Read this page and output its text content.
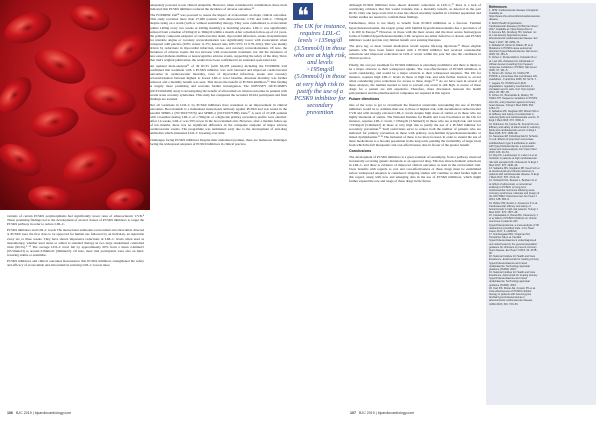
variants of certain PCSK9 polymorphisms had significantly lower rates of atherosclerotic CVD.⁸ These promising findings led to the development of several classes of PCSK9 inhibitors to target the PCSK9 pathway in order to reduce LDL-C.

PCSK9 inhibitors and LDL-C levels The monoclonal antibodies evolocumab and alirocumab directed at PCSK9 were the first class to be approved for human use followed by an inclisiran, an injectable every six or three weeks. They have shown impressive reductions in LDL-C levels when used as monotherapy, whether used alone or added to standard therapy in two large randomised controlled trials (RCTs).⁹⁻¹¹ The average LDL-C level fell by approximately 60% from a mean 2.4mmol/l (93.5mmol/l) to around 0.8mmol/l (30mmol/l). Of note, most trial participants were also on lipid-lowering statins or ezetimibe.

PCSK9 inhibitors and clinical outcomes Reassurance that PCSK9 inhibitors strengthened the safety and efficacy of evolocumab and alirocumab in reducing LDL-C lowers more

adequately powered to test clinical endpoints. However, when considered in combination, these trials indicated that PCSK9 inhibitors reduced the incidence of adverse outcomes.¹³

The FOURIER trial¹⁴ was powered to assess the impact of evolocumab on major clinical outcomes. This study recruited more than 27,000 patients with atherosclerotic CVD and LDL-C >70mg/dl despite being on a statin (with or without ezetimibe) therapy. They were randomised to evolocumab (either 140mg every two weeks or 420mg monthly) or matching placebo. LDL-C was significantly reduced from a median of 92mg/dl to 30mg/dl within a month. After a median follow-up of 2.2 years, the primary composite endpoint of cardiovascular death, myocardial infarction, stroke, hospitalisation for unstable angina or coronary revascularisation was significantly lower with evolocumab when compared with placebo (9.8% versus 11.3%; hazard ratio 0.85; 95% CI 0.79–0.92). This was mainly driven by reductions in myocardial infarction, stroke, and coronary revascularisation. Of note, the incidence of adverse events did not increase with evolocumab treatment, nor did the incidence of new-onset diabetes mellitus or neurocognitive adverse events, supporting the safety of the drug. Since that trial's original publication, the results have been confirmed in an extended open-label trial.

An updated meta-analysis¹⁵ of 39 RCTs (with 66,478 patients) including the FOURIER trial confirmed that treatment with a PCSK9 inhibitor was well tolerated and improved cardiovascular outcomes in cardiovascular mortality, rates of myocardial infarction, stroke and coronary revascularisation between highest to lowest LDL-C level baseline. Absolute mortality was further reduced, and a monthly benefit was seen. This shows the benefit of PCSK9 inhibitors.¹⁶ This finding is largely more promising and warrants further investigation. The ODYSSEY OUTCOMES (NCT01663402) study is investigating the benefit of alirocumab on clinical outcomes in patients with recent acute coronary syndromes. This study has completed the recruited 18,924 participants and final findings are awaited.

Not all variations in LDL-C by PCSK9 inhibitors have translated to an improvement in clinical outcomes. Bococizumab is a humanised monoclonal antibody against PCSK9 and was tested in the parallel SPIRE-1 (NCT01975376) and SPIRE-2 (NCT01975389) trials.¹⁷ A total of 27,438 patients with a baseline fasting LDL-C of ≥70mg/dl, or a high-risk primary prevention profile were enrolled. After 14 weeks, LDL-C was 59% lower in the bococizumab arm. However, after a median follow-up of ten months, there was no significant difference in the composite endpoint of major adverse cardiovascular events. The programme was terminated early due to the development of anti-drug antibodies which attenuated LDL-C lowering over time.

Challenges facing PCSK9 inhibitors Despite their undoubted promise, there are numerous challenges facing the widespread adoption of PCSK9 inhibitors in clinical practice.

❝
The UK for instance, requires LDL-C levels >135mg/dl (3.5mmol/l) in those who are at high risk, and levels >195mg/dl (5.0mmol/l) in those at very high risk to justify the use of a PCSK9 inhibitor for secondary prevention

Although PCSK9 inhibitors have shown dramatic reductions in LDL-C,¹⁷ there is a lack of convincing evidence that this would translate into a mortality benefit, as detected in the past RCTs. Only one large-scale trial to date has shown mortality benefits in a limited population and further studies are needed to confirm these findings.

Furthermore, there is not likely to benefit from PCSK9 inhibition as a forecast. Familial hypercholesterolaemia, the largest group with familial hypercholesterolaemia has a prevalence of 1 in 200 in Europe.¹⁸ However, in those with the most severe and the most severe homozygous forms of familial hypercholesterolaemia, LDL receptors are either defective or absent, and PCSK9 inhibitors would provide very limited benefit over existing therapies.

The price tag, or most current medication would require life-long injections.¹⁹ Those eligible patients who have been found treated with a PCSK9 inhibitor had received considerable reductions and improved reductions in LDL-C levels within the year but also the conditions in clinical practice.

Finally, the cost per treatment for PCSK9 inhibitors is extremely prohibitive and there is likely to be a major obstacle to their widespread uptake. The cost-effectiveness of PCSK9 inhibitors is worth considering, and would be a major obstacle to their widespread adoption. The UK for instance, requires high LDL-C levels in those at high risk, and adds further barriers to access when considering price reductions for access to these drugs.²⁰ ²¹ As we have seen in several of these analyses, the number needed to treat to prevent one event is still high. A course of these drugs for a patient are still expensive. Therefore, more discussion between the health policymakers and the pharmaceutical companies are required in this regard.

Future directions

One of the ways to get to circumvent the financial constraints surrounding the use of PCSK9 inhibitors would be to combine their use to those at highest risk, with documented cardiovascular CVD and with strongly elevated LDL-C levels despite high doses of statins or in those who are highly intolerant of statins. The National Institute for Health and Care Excellence in the UK for instance, requires LDL-C levels >135mg/dl (3.5mmol/l) in those who are at high risk, and levels >195mg/dl (5.0mmol/l) in those at very high risk to justify the use of a PCSK9 inhibitor for secondary prevention.²¹ Such restrictions serve to reduce both the number of patients who are indicated for primary prevention in those with primary, non-familial hypercholesterolaemia or mixed dyslipidaemia.²¹ ²² The inclusion of these to be more focused, in order to extend the use of these medications to a broader population in the long term, pending the availability of larger trials from which the full therapeutic and cost-effectiveness data in favour of the greater benefit.

Conclusions

The development of PCSK9 inhibitors is a great example of serendipity, from a pathway observed in naturally occurring genetic mutations to an approved drug. This has shown dramatic reductions in LDL-C and there is evidence of improved clinical outcomes as seen in the evolocumab trial. Clear benefits with regards to cost and cost-effectiveness of these drugs must be established before widespread adoption is considered. Ongoing studies will continue to shed further light in this regard, along with new and emerging data in the use of PCSK9 inhibitors, which might further expand the role and usage of these drugs in the future.

References
1. NHS: Cardiovascular disease in England. Available at: https://www.nhs.uk/conditions/cardiovascular-disease
2. World Health Organization. Cardiovascular diseases (CVDs) fact sheet. 2017. Available at: https://www.who.int
3. Ference BA, Ginsberg HN, Graham I et al. Low-density lipoproteins cause atherosclerotic cardiovascular disease. Eur Heart J 2017; 38: 2459–72.
4. Abifadel M, Varret M, Rabès JP et al. Mutations in PCSK9 cause autosomal dominant hypercholesterolemia. Nat Genet 2003; 34: 154–6.
5. Cohen J, Pertsemlidis A, Kotowski IK et al. Low LDL cholesterol in individuals of African descent resulting from frequent nonsense mutations in PCSK9. Nat Genet 2005; 37: 161–5.
6. Horton JD, Cohen JC, Hobbs HH. PCSK9: a convertase that coordinates LDL catabolism. J Lipid Res 2009; 50: S172–7.
7. Lagace TA. PCSK9 and LDLR degradation: regulatory mechanisms in circulation and in cells. Curr Opin Lipidol 2014; 25: 387–93.
8. Cohen JC, Boerwinkle E, Mosley TH, Hobbs HH. Sequence variations in PCSK9, low LDL, and protection against coronary heart disease. N Engl J Med 2006; 354: 1264–72.
9. Sabatine MS, Giugliano RP, Wiviott SD et al. Efficacy and safety of evolocumab in reducing lipids and cardiovascular events. N Engl J Med 2015; 372: 1500–9.
10. Robinson JG, Farnier M, Krempf M et al. Efficacy and safety of alirocumab in reducing lipids and cardiovascular events. N Engl J Med 2015; 372: 1489–99.
11. Navarese EP, Kolodziejczak M, Schulze V et al. Effects of proprotein convertase subtilisin/kexin type 9 antibodies in adults with hypercholesterolemia: a systematic review and meta-analysis. Ann Intern Med 2015; 163: 40–51.
12. Ray KK, Landmesser U, Leiter LA et al. Inclisiran in patients at high cardiovascular risk with elevated LDL cholesterol. N Engl J Med 2017; 376: 1430–40.
13. Sabatine MS, Giugliano RP, Keech AC et al. Evolocumab and clinical outcomes in patients with cardiovascular disease. N Engl J Med 2017; 376: 1713–22.
14. Schwartz GG, Bessac L, Berdan LG et al. Effect of alirocumab, a monoclonal antibody to PCSK9, on long-term cardiovascular outcomes following acute coronary syndromes: rationale and design of the ODYSSEY Outcomes trial. Am Heart J 2014; 168: 682–9.
15. Ridker PM, Revkin J, Amarenco P et al. Cardiovascular efficacy and safety of bococizumab in high-risk patients. N Engl J Med 2017; 376: 1527–39.
16. Karatasakis A, Danek BA, Karacsonyi J et al. Effect of PCSK9 inhibitors on clinical outcomes in patients with hypercholesterolemia: a meta-analysis of 35 randomized controlled trials. J Am Heart Assoc 2017; 6: e006910.
17. Nordestgaard BG, Chapman MJ, Humphries SE et al. Familial hypercholesterolaemia is underdiagnosed and undertreated in the general population: guidance for clinicians to prevent coronary heart disease. Eur Heart J 2013; 34: 3478–90.
18. National Institute for Health and Care Excellence. Evolocumab for treating primary hypercholesterolaemia and mixed dyslipidaemia. Technology appraisal guidance [TA394]. 2016.
19. National Institute for Health and Care Excellence. Alirocumab for treating primary hypercholesterolaemia and mixed dyslipidaemia. Technology appraisal guidance [TA393]. 2016.
20. Kazi DS, Moran AE, Coxson PG et al. Cost-effectiveness of PCSK9 inhibitor therapy in patients with heterozygous familial hypercholesterolemia or atherosclerotic cardiovascular disease. JAMA 2016; 316: 743–53.
106 BJC 2019 | bjcardiocardiology.com	107 BJC 2019 | bjcardiocardiology.com
